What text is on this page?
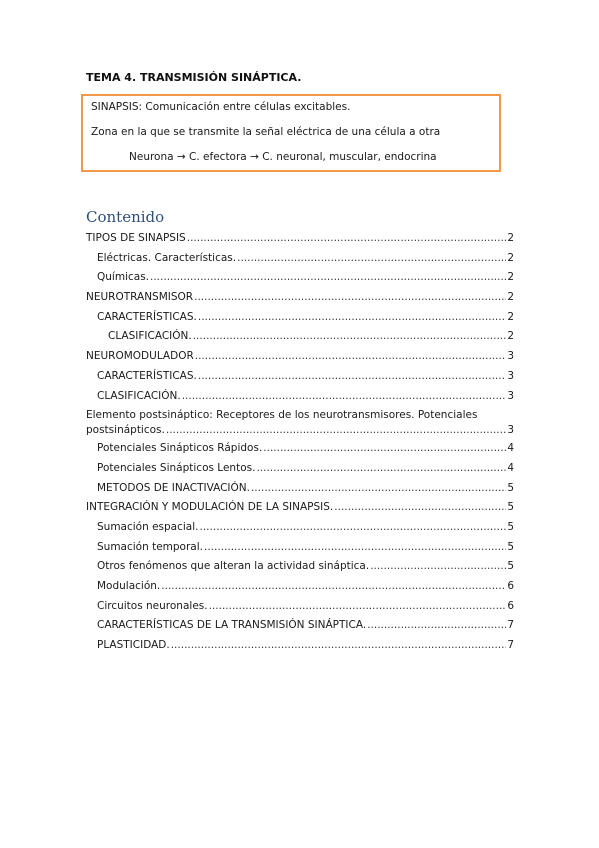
TEMA 4. TRANSMISIÓN SINÁPTICA.
SINAPSIS: Comunicación entre células excitables.
Zona en la que se transmite la señal eléctrica de una célula a otra
Neurona → C. efectora → C. neuronal, muscular, endocrina
Contenido
TIPOS DE SINAPSIS .....	2
Eléctricas. Características. .....	2
Químicas. .....	2
NEUROTRANSMISOR .....	2
CARACTERÍSTICAS. .....	2
CLASIFICACIÓN. .....	2
NEUROMODULADOR .....	3
CARACTERÍSTICAS. .....	3
CLASIFICACIÓN. .....	3
Elemento postsináptico: Receptores de los neurotransmisores. Potenciales
postsinápticos. .....	3
Potenciales Sinápticos Rápidos. .....	4
Potenciales Sinápticos Lentos. .....	4
METODOS DE INACTIVACIÓN. .....	5
INTEGRACIÓN Y MODULACIÓN DE LA SINAPSIS. .....	5
Sumación espacial. .....	5
Sumación temporal. .....	5
Otros fenómenos que alteran la actividad sináptica. .....	5
Modulación. .....	6
Circuitos neuronales. .....	6
CARACTERÍSTICAS DE LA TRANSMISIÓN SINÁPTICA. .....	7
PLASTICIDAD. .....	7
